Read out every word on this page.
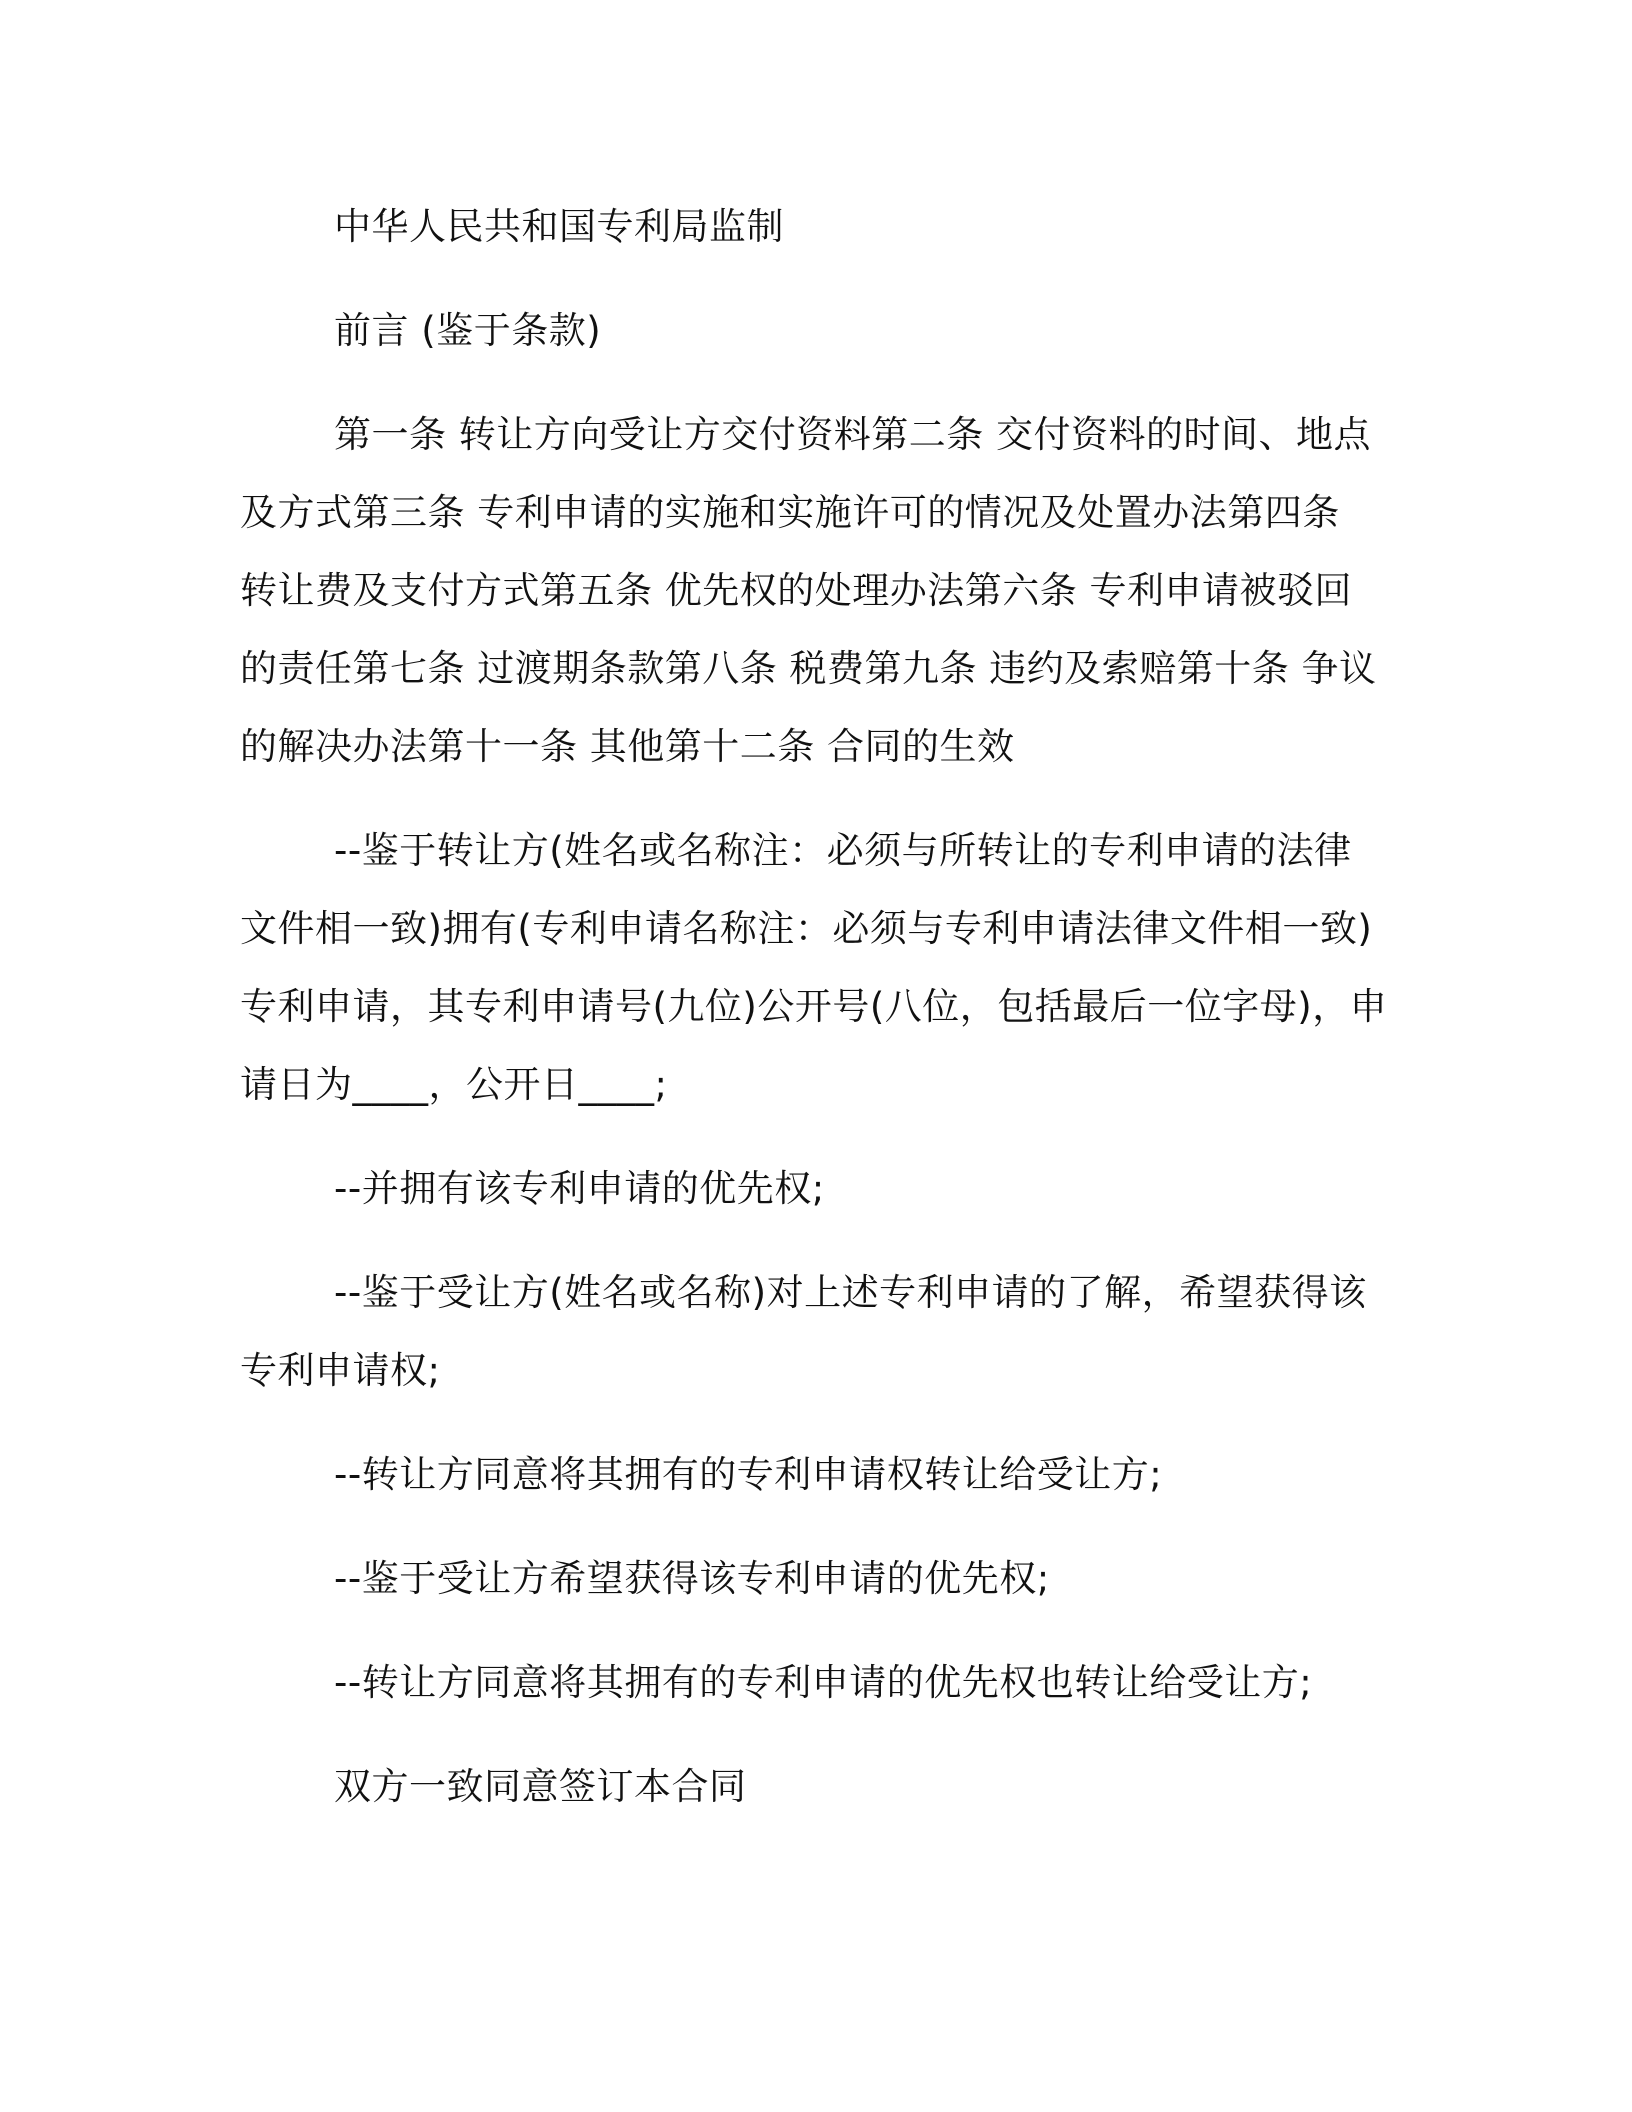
中华人民共和国专利局监制

前言 (鉴于条款)

第一条 转让方向受让方交付资料第二条 交付资料的时间、地点及方式第三条 专利申请的实施和实施许可的情况及处置办法第四条 转让费及支付方式第五条 优先权的处理办法第六条 专利申请被驳回的责任第七条 过渡期条款第八条 税费第九条 违约及索赔第十条 争议的解决办法第十一条 其他第十二条 合同的生效

--鉴于转让方(姓名或名称注：必须与所转让的专利申请的法律文件相一致)拥有(专利申请名称注：必须与专利申请法律文件相一致)专利申请，其专利申请号(九位)公开号(八位，包括最后一位字母)，申请日为____，公开日____;

--并拥有该专利申请的优先权;

--鉴于受让方(姓名或名称)对上述专利申请的了解，希望获得该专利申请权;

--转让方同意将其拥有的专利申请权转让给受让方;

--鉴于受让方希望获得该专利申请的优先权;

--转让方同意将其拥有的专利申请的优先权也转让给受让方;

双方一致同意签订本合同
